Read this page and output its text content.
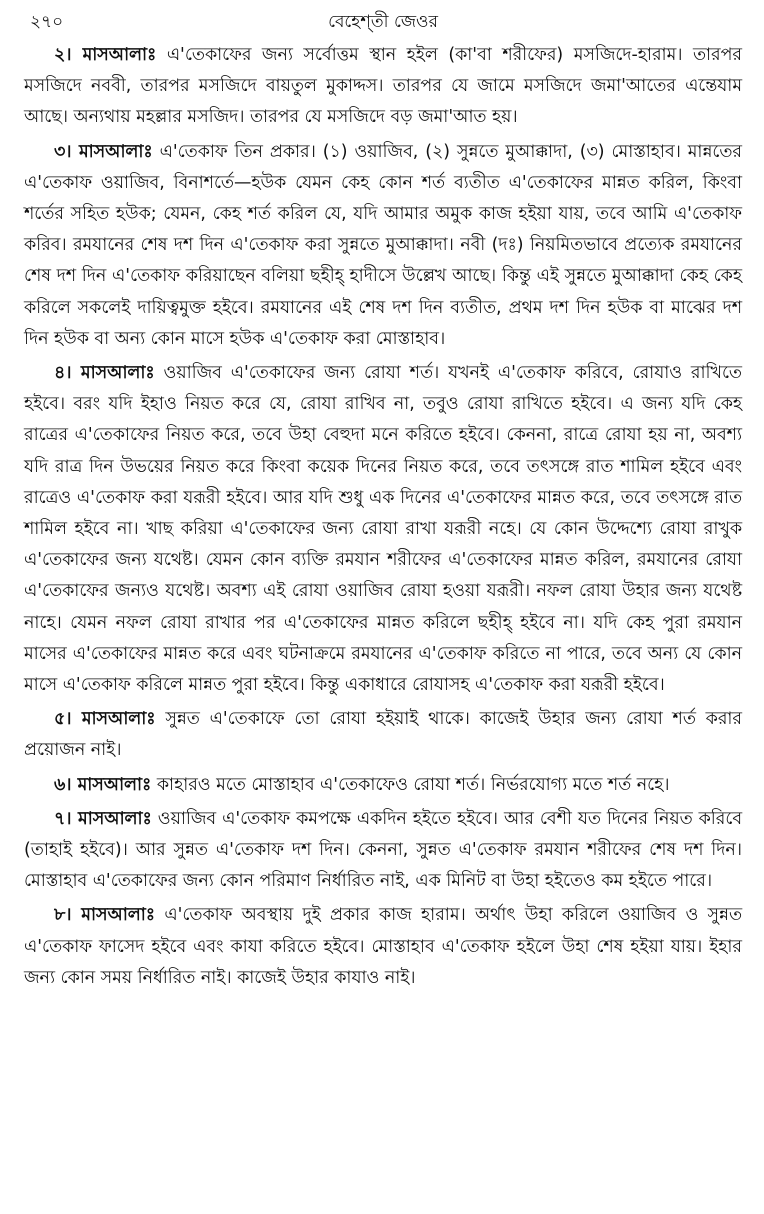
২৭০	বেহেশ্‌তী জেওর

২। মাসআলাঃ এ'তেকাফের জন্য সর্বোত্তম স্থান হইল (কা'বা শরীফের) মসজিদে-হারাম। তারপর মসজিদে নববী, তারপর মসজিদে বায়তুল মুকাদ্দস। তারপর যে জামে মসজিদে জমা'আতের এন্তেযাম আছে। অন্যথায় মহল্লার মসজিদ। তারপর যে মসজিদে বড় জমা'আত হয়।

৩। মাসআলাঃ এ'তেকাফ তিন প্রকার। (১) ওয়াজিব, (২) সুন্নতে মুআক্কাদা, (৩) মোস্তাহাব। মান্নতের এ'তেকাফ ওয়াজিব, বিনাশর্তে—হউক যেমন কেহ কোন শর্ত ব্যতীত এ'তেকাফের মান্নত করিল, কিংবা শর্তের সহিত হউক; যেমন, কেহ শর্ত করিল যে, যদি আমার অমুক কাজ হইয়া যায়, তবে আমি এ'তেকাফ করিব। রমযানের শেষ দশ দিন এ'তেকাফ করা সুন্নতে মুআক্কাদা। নবী (দঃ) নিয়মিতভাবে প্রত্যেক রমযানের শেষ দশ দিন এ'তেকাফ করিয়াছেন বলিয়া ছহীহ্‌ হাদীসে উল্লেখ আছে। কিন্তু এই সুন্নতে মুআক্কাদা কেহ কেহ করিলে সকলেই দায়িত্বমুক্ত হইবে। রমযানের এই শেষ দশ দিন ব্যতীত, প্রথম দশ দিন হউক বা মাঝের দশ দিন হউক বা অন্য কোন মাসে হউক এ'তেকাফ করা মোস্তাহাব।

৪। মাসআলাঃ ওয়াজিব এ'তেকাফের জন্য রোযা শর্ত। যখনই এ'তেকাফ করিবে, রোযাও রাখিতে হইবে। বরং যদি ইহাও নিয়ত করে যে, রোযা রাখিব না, তবুও রোযা রাখিতে হইবে। এ জন্য যদি কেহ রাত্রের এ'তেকাফের নিয়ত করে, তবে উহা বেহুদা মনে করিতে হইবে। কেননা, রাত্রে রোযা হয় না, অবশ্য যদি রাত্র দিন উভয়ের নিয়ত করে কিংবা কয়েক দিনের নিয়ত করে, তবে তৎসঙ্গে রাত শামিল হইবে এবং রাত্রেও এ'তেকাফ করা যরূরী হইবে। আর যদি শুধু এক দিনের এ'তেকাফের মান্নত করে, তবে তৎসঙ্গে রাত শামিল হইবে না। খাছ করিয়া এ'তেকাফের জন্য রোযা রাখা যরূরী নহে। যে কোন উদ্দেশ্যে রোযা রাখুক এ'তেকাফের জন্য যথেষ্ট। যেমন কোন ব্যক্তি রমযান শরীফের এ'তেকাফের মান্নত করিল, রমযানের রোযা এ'তেকাফের জন্যও যথেষ্ট। অবশ্য এই রোযা ওয়াজিব রোযা হওয়া যরূরী। নফল রোযা উহার জন্য যথেষ্ট নাহে। যেমন নফল রোযা রাখার পর এ'তেকাফের মান্নত করিলে ছহীহ্‌ হইবে না। যদি কেহ পুরা রমযান মাসের এ'তেকাফের মান্নত করে এবং ঘটনাক্রমে রমযানের এ'তেকাফ করিতে না পারে, তবে অন্য যে কোন মাসে এ'তেকাফ করিলে মান্নত পুরা হইবে। কিন্তু একাধারে রোযাসহ এ'তেকাফ করা যরূরী হইবে।

৫। মাসআলাঃ সুন্নত এ'তেকাফে তো রোযা হইয়াই থাকে। কাজেই উহার জন্য রোযা শর্ত করার প্রয়োজন নাই।

৬। মাসআলাঃ কাহারও মতে মোস্তাহাব এ'তেকাফেও রোযা শর্ত। নির্ভরযোগ্য মতে শর্ত নহে।

৭। মাসআলাঃ ওয়াজিব এ'তেকাফ কমপক্ষে একদিন হইতে হইবে। আর বেশী যত দিনের নিয়ত করিবে (তাহাই হইবে)। আর সুন্নত এ'তেকাফ দশ দিন। কেননা, সুন্নত এ'তেকাফ রমযান শরীফের শেষ দশ দিন। মোস্তাহাব এ'তেকাফের জন্য কোন পরিমাণ নির্ধারিত নাই, এক মিনিট বা উহা হইতেও কম হইতে পারে।

৮। মাসআলাঃ এ'তেকাফ অবস্থায় দুই প্রকার কাজ হারাম। অর্থাৎ উহা করিলে ওয়াজিব ও সুন্নত এ'তেকাফ ফাসেদ হইবে এবং কাযা করিতে হইবে। মোস্তাহাব এ'তেকাফ হইলে উহা শেষ হইয়া যায়। ইহার জন্য কোন সময় নির্ধারিত নাই। কাজেই উহার কাযাও নাই।
